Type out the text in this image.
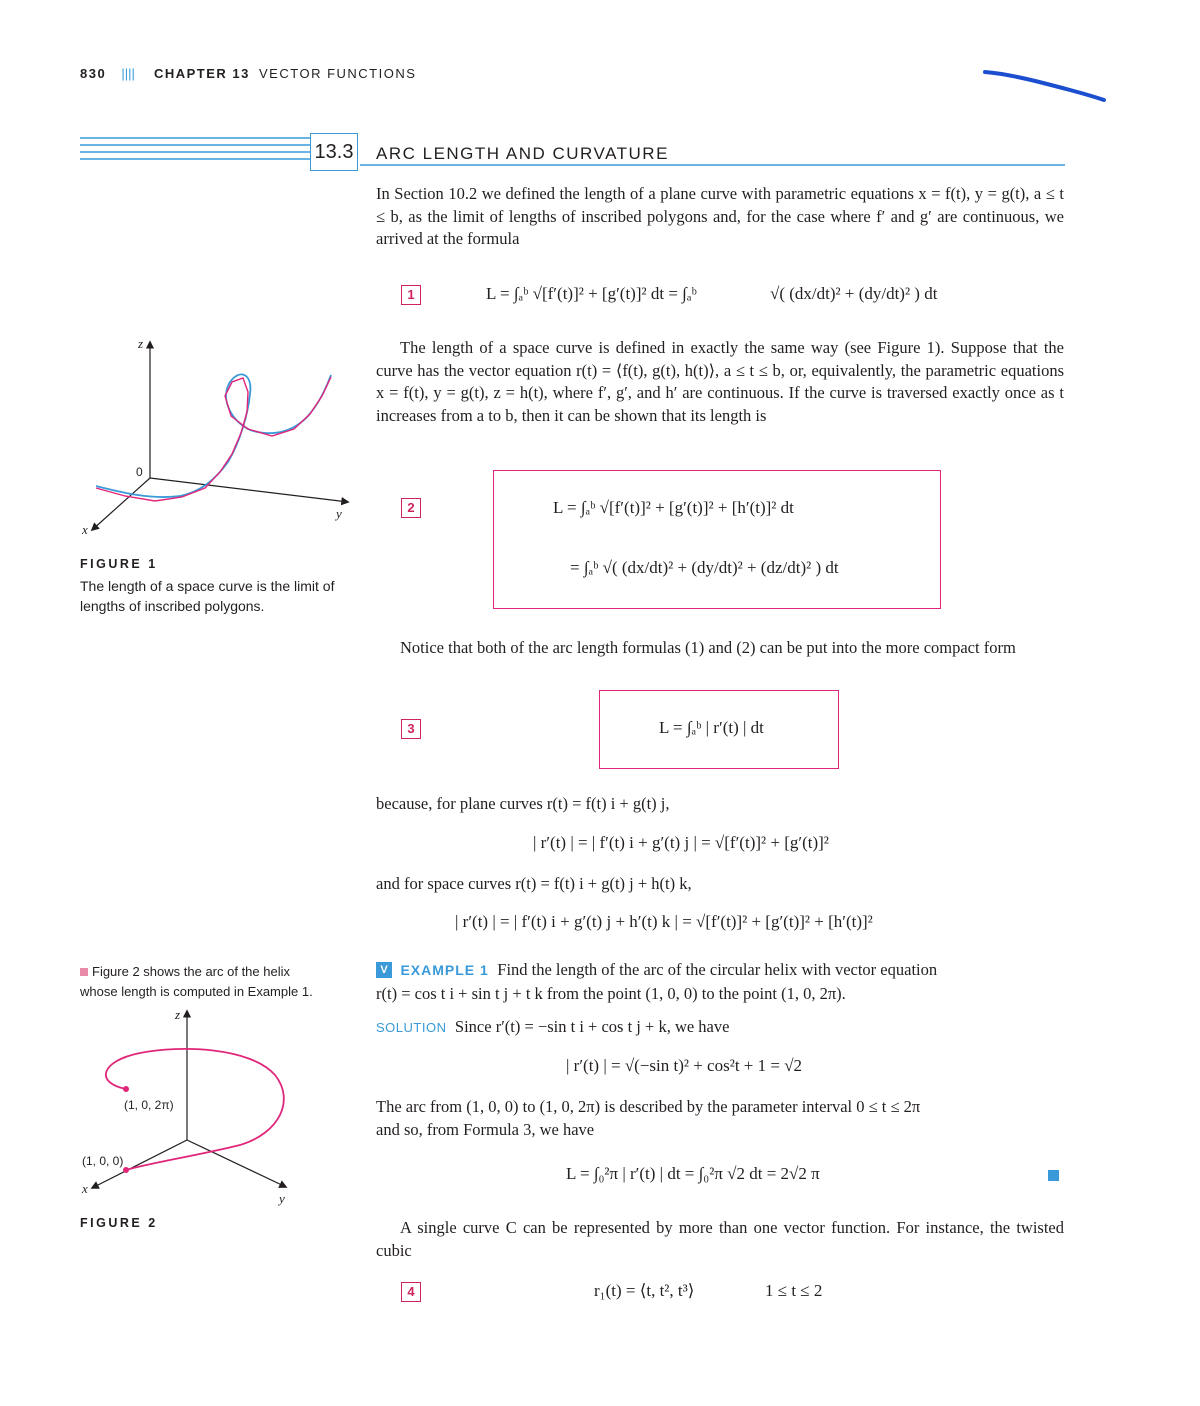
830 |||| CHAPTER 13 VECTOR FUNCTIONS
13.3 ARC LENGTH AND CURVATURE
In Section 10.2 we defined the length of a plane curve with parametric equations x = f(t), y = g(t), a ≤ t ≤ b, as the limit of lengths of inscribed polygons and, for the case where f′ and g′ are continuous, we arrived at the formula
1	L = ∫ₐᵇ √[f′(t)]² + [g′(t)]² dt = ∫ₐᵇ	√( (dx/dt)² + (dy/dt)² ) dt
The length of a space curve is defined in exactly the same way (see Figure 1). Suppose that the curve has the vector equation r(t) = ⟨f(t), g(t), h(t)⟩, a ≤ t ≤ b, or, equivalently, the parametric equations x = f(t), y = g(t), z = h(t), where f′, g′, and h′ are continuous. If the curve is traversed exactly once as t increases from a to b, then it can be shown that its length is
2	L = ∫ₐᵇ √[f′(t)]² + [g′(t)]² + [h′(t)]² dt
= ∫ₐᵇ √( (dx/dt)² + (dy/dt)² + (dz/dt)² ) dt
Notice that both of the arc length formulas (1) and (2) can be put into the more compact form
3	L = ∫ₐᵇ | r′(t) | dt
because, for plane curves r(t) = f(t) i + g(t) j,
| r′(t) | = | f′(t) i + g′(t) j | = √[f′(t)]² + [g′(t)]²
and for space curves r(t) = f(t) i + g(t) j + h(t) k,
| r′(t) | = | f′(t) i + g′(t) j + h′(t) k | = √[f′(t)]² + [g′(t)]² + [h′(t)]²
V EXAMPLE 1 Find the length of the arc of the circular helix with vector equation
r(t) = cos t i + sin t j + t k from the point (1, 0, 0) to the point (1, 0, 2π).
SOLUTION Since r′(t) = −sin t i + cos t j + k, we have
| r′(t) | = √(−sin t)² + cos²t + 1 = √2
The arc from (1, 0, 0) to (1, 0, 2π) is described by the parameter interval 0 ≤ t ≤ 2π
and so, from Formula 3, we have
L = ∫₀²π | r′(t) | dt = ∫₀²π √2 dt = 2√2 π
A single curve C can be represented by more than one vector function. For instance, the twisted cubic
4	r₁(t) = ⟨t, t², t³⟩	1 ≤ t ≤ 2
z
0
x
y
FIGURE 1
The length of a space curve is the limit of lengths of inscribed polygons.
Figure 2 shows the arc of the helix whose length is computed in Example 1.
z
(1, 0, 2π)
(1, 0, 0)
x
y
FIGURE 2
